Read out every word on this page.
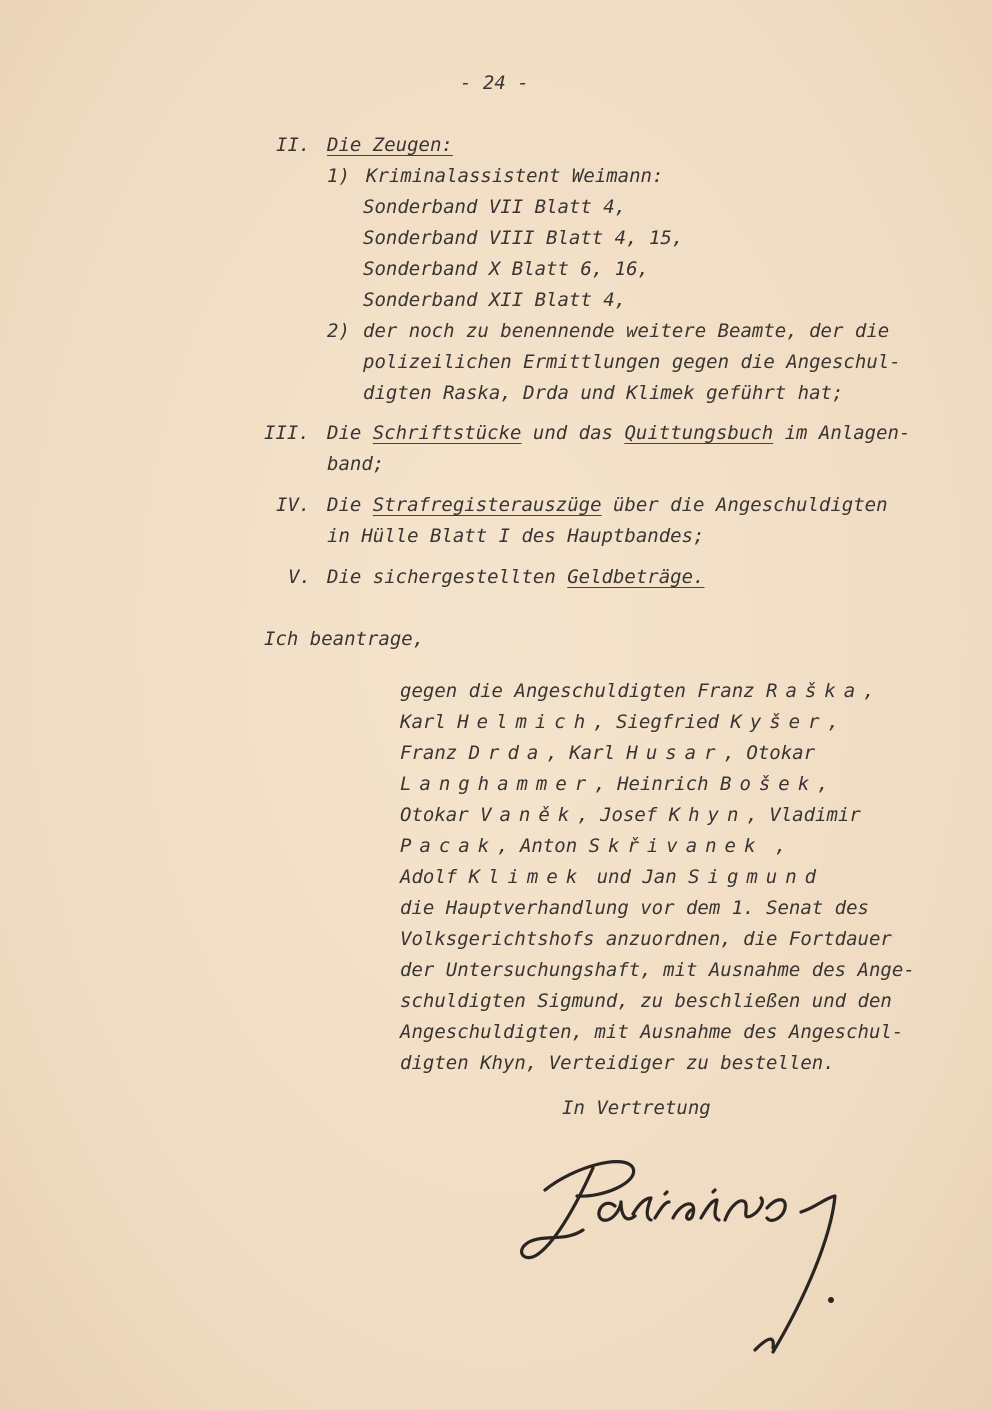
- 24 -
II. Die Zeugen:
1) Kriminalassistent Weimann:
Sonderband VII Blatt 4,
Sonderband VIII Blatt 4, 15,
Sonderband X Blatt 6, 16,
Sonderband XII Blatt 4,
2) der noch zu benennende weitere Beamte, der die
polizeilichen Ermittlungen gegen die Angeschul-
digten Raska, Drda und Klimek geführt hat;
III. Die Schriftstücke und das Quittungsbuch im Anlagen-
band;
IV. Die Strafregisterauszüge über die Angeschuldigten
in Hülle Blatt I des Hauptbandes;
V. Die sichergestellten Geldbeträge.
Ich beantrage,
gegen die Angeschuldigten Franz Raška,
Karl Helmich, Siegfried Kyšer,
Franz Drda, Karl Husar, Otokar
Langhammer, Heinrich Bošek,
Otokar Vaněk, Josef Khyn, Vladimir
Pacak, Anton Skřivanek ,
Adolf Klimek und Jan Sigmund
die Hauptverhandlung vor dem 1. Senat des
Volksgerichtshofs anzuordnen, die Fortdauer
der Untersuchungshaft, mit Ausnahme des Ange-
schuldigten Sigmund, zu beschließen und den
Angeschuldigten, mit Ausnahme des Angeschul-
digten Khyn, Verteidiger zu bestellen.
In Vertretung
